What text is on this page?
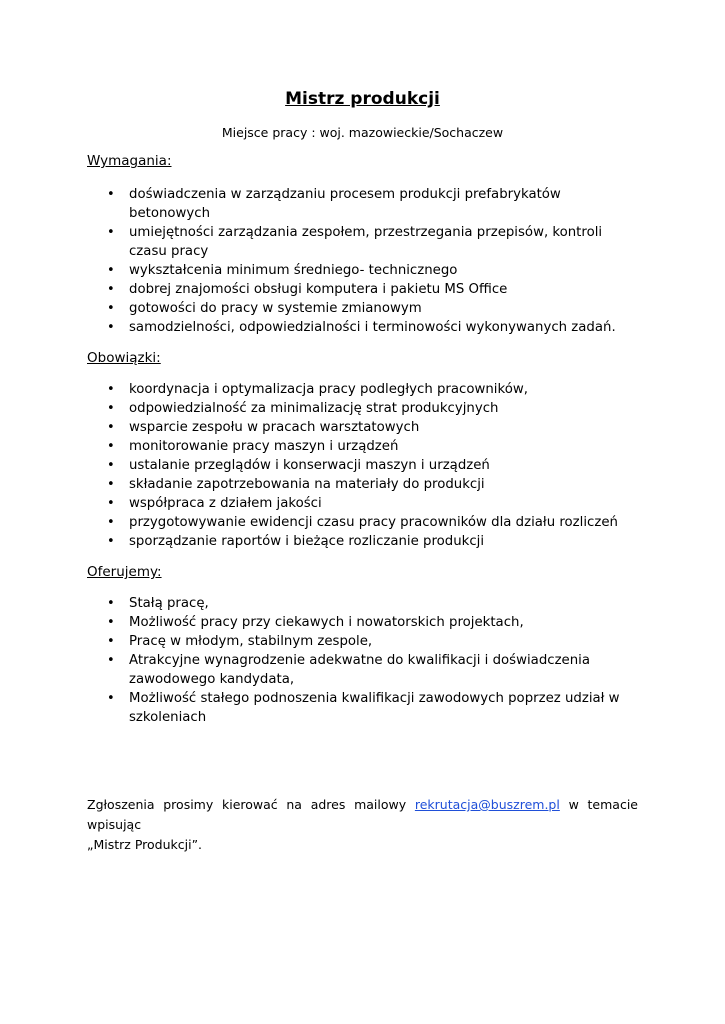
Mistrz produkcji
Miejsce pracy : woj. mazowieckie/Sochaczew
Wymagania:
•	doświadczenia w zarządzaniu procesem produkcji prefabrykatów betonowych
•	umiejętności zarządzania zespołem, przestrzegania przepisów, kontroli czasu pracy
•	wykształcenia minimum średniego- technicznego
•	dobrej znajomości obsługi komputera i pakietu MS Office
•	gotowości do pracy w systemie zmianowym
•	samodzielności, odpowiedzialności i terminowości wykonywanych zadań.
Obowiązki:
•	koordynacja i optymalizacja pracy podległych pracowników,
•	odpowiedzialność za minimalizację strat produkcyjnych
•	wsparcie zespołu w pracach warsztatowych
•	monitorowanie pracy maszyn i urządzeń
•	ustalanie przeglądów i konserwacji maszyn i urządzeń
•	składanie zapotrzebowania na materiały do produkcji
•	współpraca z działem jakości
•	przygotowywanie ewidencji czasu pracy pracowników dla działu rozliczeń
•	sporządzanie raportów i bieżące rozliczanie produkcji
Oferujemy:
•	Stałą pracę,
•	Możliwość pracy przy ciekawych i nowatorskich projektach,
•	Pracę w młodym, stabilnym zespole,
•	Atrakcyjne wynagrodzenie adekwatne do kwalifikacji i doświadczenia zawodowego kandydata,
•	Możliwość stałego podnoszenia kwalifikacji zawodowych poprzez udział w szkoleniach
Zgłoszenia prosimy kierować na adres mailowy rekrutacja@buszrem.pl w temacie wpisując
„Mistrz Produkcji”.
